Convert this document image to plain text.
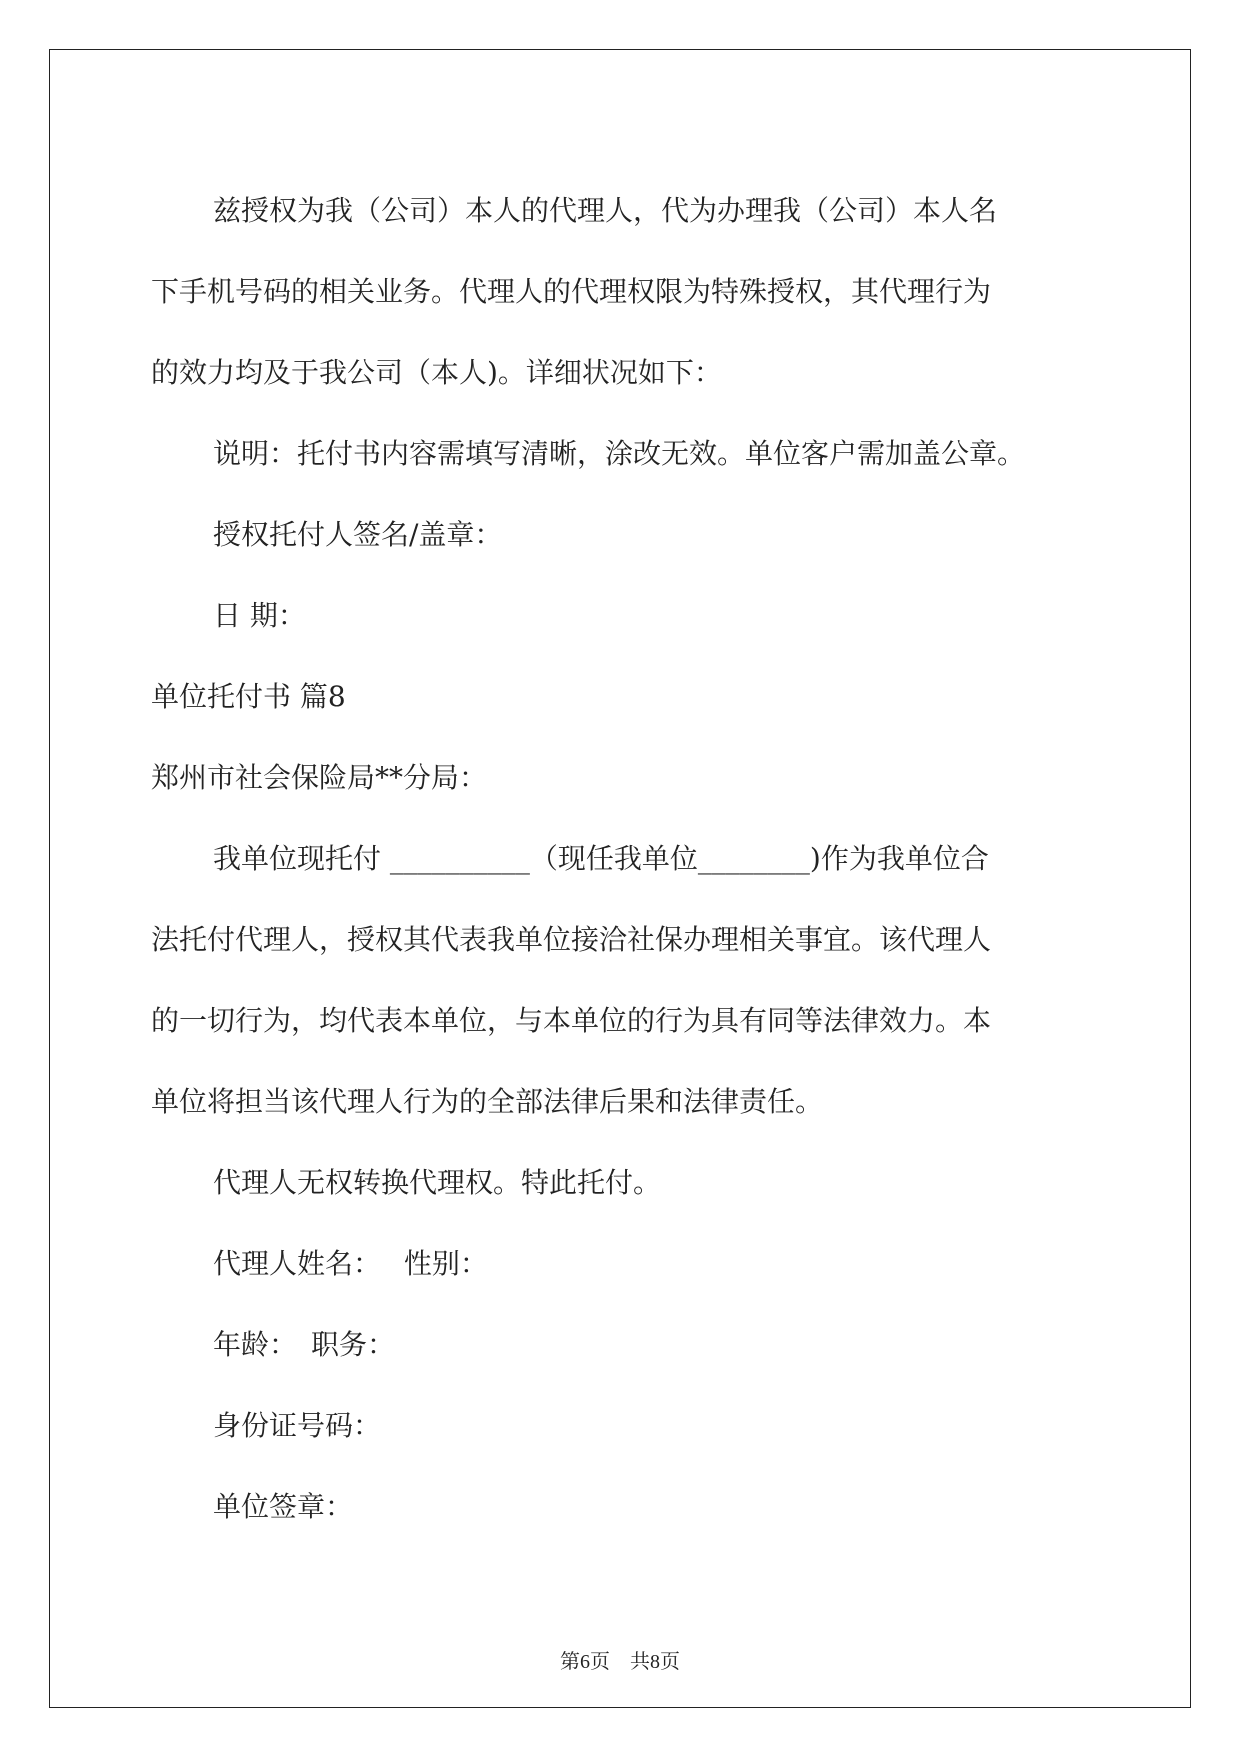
兹授权为我（公司）本人的代理人，代为办理我（公司）本人名
下手机号码的相关业务。代理人的代理权限为特殊授权，其代理行为
的效力均及于我公司（本人)。详细状况如下：
说明：托付书内容需填写清晰，涂改无效。单位客户需加盖公章。
授权托付人签名/盖章：
日 期：
单位托付书 篇8
郑州市社会保险局**分局：
我单位现托付 __________（现任我单位________)作为我单位合
法托付代理人，授权其代表我单位接洽社保办理相关事宜。该代理人
的一切行为，均代表本单位，与本单位的行为具有同等法律效力。本
单位将担当该代理人行为的全部法律后果和法律责任。
代理人无权转换代理权。特此托付。
代理人姓名：　 性别：
年龄：　职务：
身份证号码：
单位签章：
第6页　共8页
